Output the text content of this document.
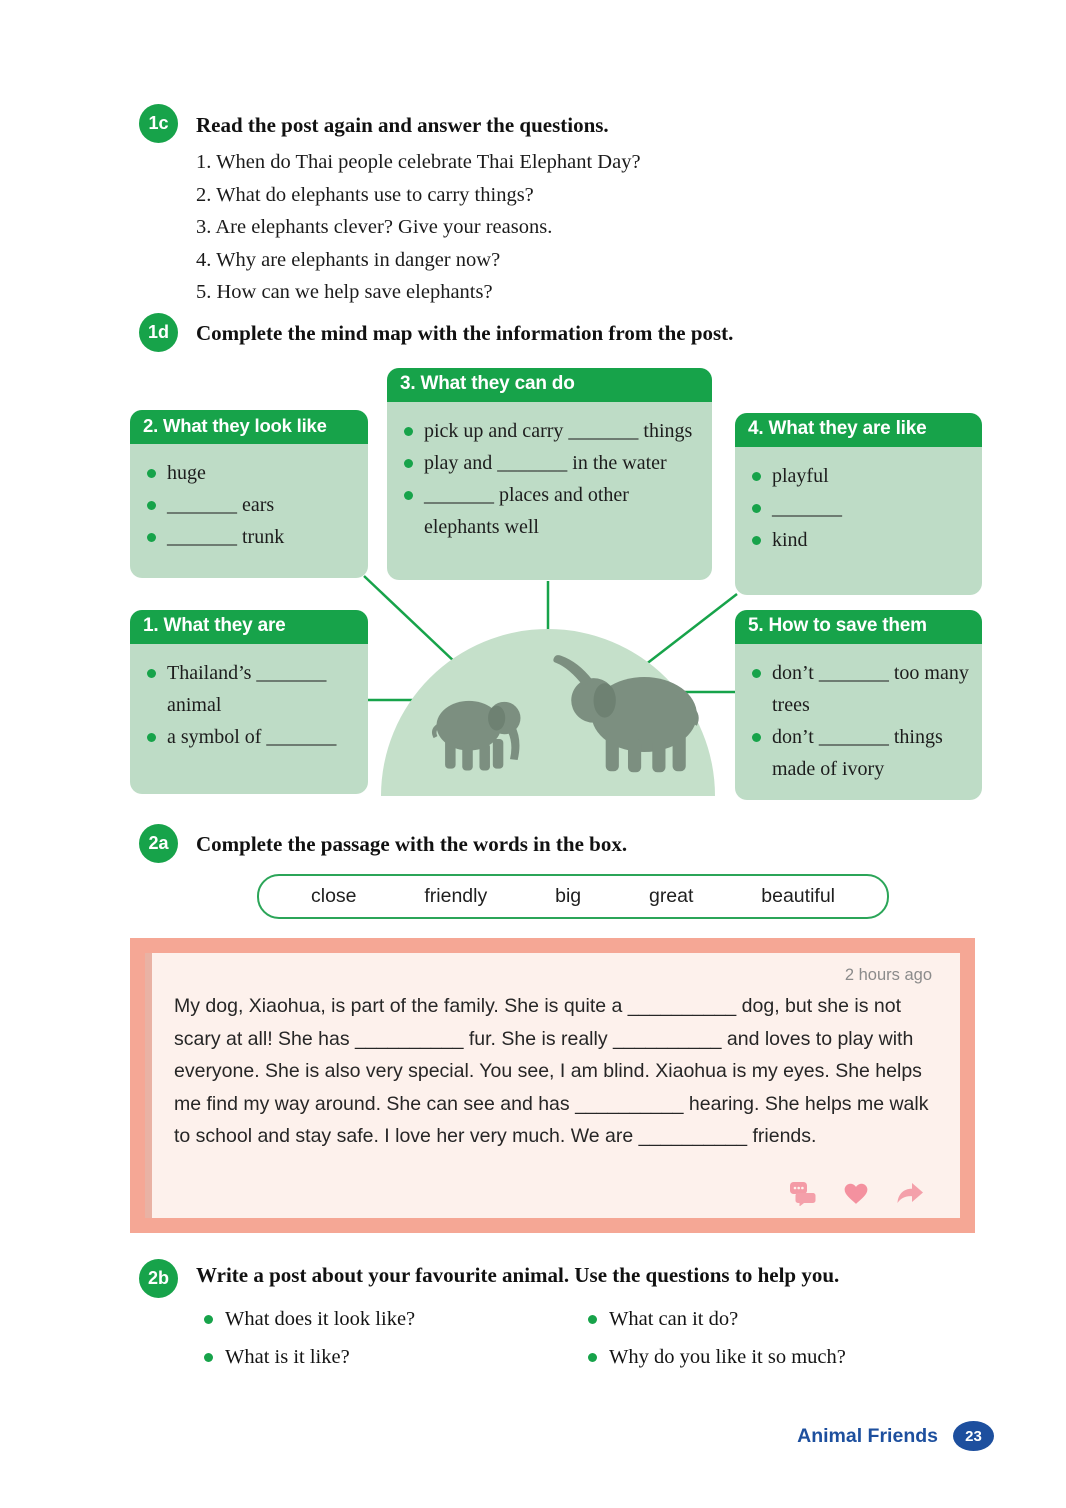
1c	Read the post again and answer the questions.
1. When do Thai people celebrate Thai Elephant Day?
2. What do elephants use to carry things?
3. Are elephants clever? Give your reasons.
4. Why are elephants in danger now?
5. How can we help save elephants?
1d	Complete the mind map with the information from the post.
3. What they can do
pick up and carry _______ things
play and _______ in the water
_______ places and other elephants well
2. What they look like
huge
_______ ears
_______ trunk
4. What they are like
playful
_______
kind
1. What they are
Thailand’s _______ animal
a symbol of _______
5. How to save them
don’t _______ too many trees
don’t _______ things made of ivory
2a	Complete the passage with the words in the box.
close	friendly	big	great	beautiful
2 hours ago
My dog, Xiaohua, is part of the family. She is quite a __________ dog, but she is not scary at all! She has __________ fur. She is really __________ and loves to play with everyone. She is also very special. You see, I am blind. Xiaohua is my eyes. She helps me find my way around. She can see and has __________ hearing. She helps me walk to school and stay safe. I love her very much. We are __________ friends.
2b	Write a post about your favourite animal. Use the questions to help you.
What does it look like?
What is it like?
What can it do?
Why do you like it so much?
Animal Friends	23
